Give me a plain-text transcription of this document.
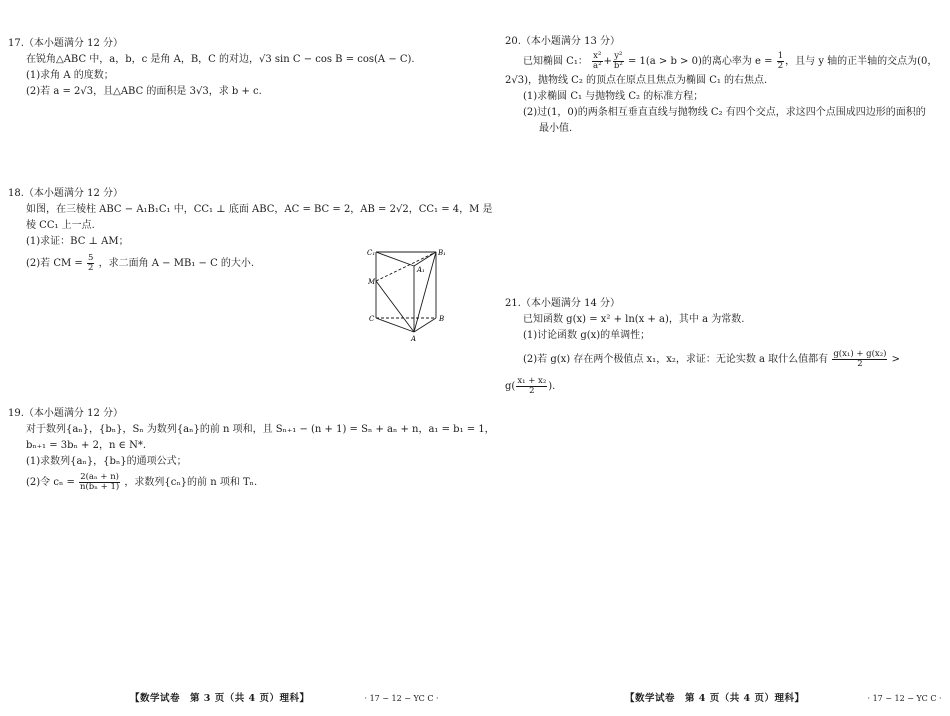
17.（本小题满分 12 分）
在锐角△ABC 中，a，b，c 是角 A，B，C 的对边，√3 sin C − cos B = cos(A − C).
(1)求角 A 的度数；
(2)若 a = 2√3，且△ABC 的面积是 3√3，求 b + c.
18.（本小题满分 12 分）
如图，在三棱柱 ABC − A₁B₁C₁ 中，CC₁ ⊥ 底面 ABC，AC = BC = 2，AB = 2√2，CC₁ = 4，M 是
棱 CC₁ 上一点.
(1)求证：BC ⊥ AM；
(2)若 CM = $\frac{5}{2}$ ，求二面角 A − MB₁ − C 的大小.
C₁	B₁
A₁
M
C	B
A
19.（本小题满分 12 分）
对于数列{aₙ}，{bₙ}，Sₙ 为数列{aₙ}的前 n 项和，且 Sₙ₊₁ − (n + 1) = Sₙ + aₙ + n，a₁ = b₁ = 1，
bₙ₊₁ = 3bₙ + 2，n ∈ N*.
(1)求数列{aₙ}，{bₙ}的通项公式；
(2)令 $c_n = \frac{\text{2(aₙ + n)}}{\text{n(bₙ + 1)}}$ ，求数列{cₙ}的前 n 项和 Tₙ.
【数学试卷　第 3 页（共 4 页）理科】	· 17 − 12 − YC C ·
20.（本小题满分 13 分）
已知椭圆 C₁： $\frac{\text{x²}}{\text{a²}} + \frac{\text{y²}}{\text{b²}} = 1(a > b > 0)$的离心率为 $e = \frac{1}{2}$ ，且与 y 轴的正半轴的交点为(0，
2√3)，抛物线 C₂ 的顶点在原点且焦点为椭圆 C₁ 的右焦点.
(1)求椭圆 C₁ 与抛物线 C₂ 的标准方程；
(2)过(1，0)的两条相互垂直直线与抛物线 C₂ 有四个交点，求这四个点围成四边形的面积的
最小值.
21.（本小题满分 14 分）
已知函数 g(x) = x² + ln(x + a)，其中 a 为常数.
(1)讨论函数 g(x)的单调性；
(2)若 g(x) 存在两个极值点 x₁，x₂，求证：无论实数 a 取什么值都有 $\frac{\text{g(x₁) + g(x₂)}}{2}$ >
$g( \frac{\text{x₁ + x₂}}{2}$ ).
【数学试卷　第 4 页（共 4 页）理科】	· 17 − 12 − YC C ·
